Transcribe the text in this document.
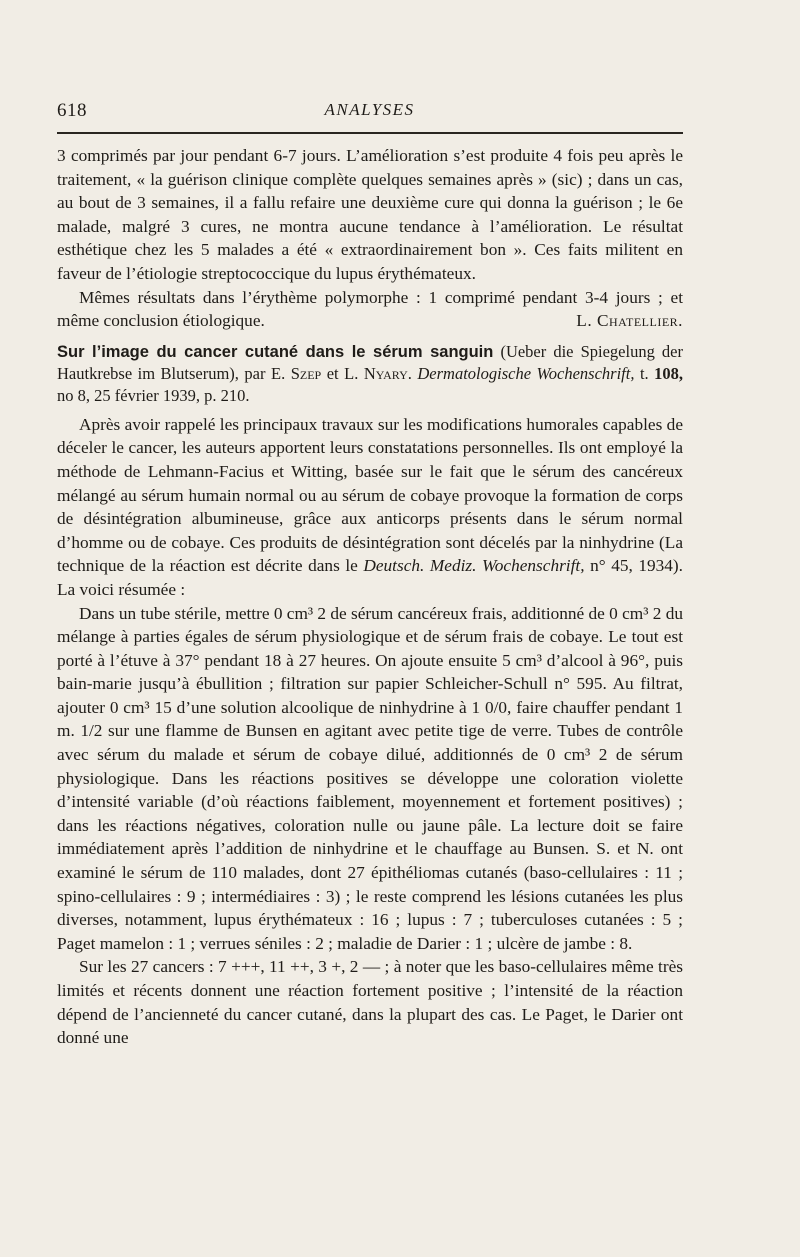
618	ANALYSES

3 comprimés par jour pendant 6-7 jours. L’amélioration s’est produite 4 fois peu après le traitement, « la guérison clinique complète quelques semaines après » (sic) ; dans un cas, au bout de 3 semaines, il a fallu refaire une deuxième cure qui donna la guérison ; le 6e malade, malgré 3 cures, ne montra aucune tendance à l’amélioration. Le résultat esthétique chez les 5 malades a été « extraordinairement bon ». Ces faits militent en faveur de l’étiologie streptococcique du lupus érythémateux.

Mêmes résultats dans l’érythème polymorphe : 1 comprimé pendant 3-4 jours ; et même conclusion étiologique.	L. Chatellier.

Sur l’image du cancer cutané dans le sérum sanguin (Ueber die Spiegelung der Hautkrebse im Blutserum), par E. Szep et L. Nyary. Dermatologische Wochenschrift, t. 108, no 8, 25 février 1939, p. 210.

Après avoir rappelé les principaux travaux sur les modifications humorales capables de déceler le cancer, les auteurs apportent leurs constatations personnelles. Ils ont employé la méthode de Lehmann-Facius et Witting, basée sur le fait que le sérum des cancéreux mélangé au sérum humain normal ou au sérum de cobaye provoque la formation de corps de désintégration albumineuse, grâce aux anticorps présents dans le sérum normal d’homme ou de cobaye. Ces produits de désintégration sont décelés par la ninhydrine (La technique de la réaction est décrite dans le Deutsch. Mediz. Wochenschrift, n° 45, 1934). La voici résumée :

Dans un tube stérile, mettre 0 cm³ 2 de sérum cancéreux frais, additionné de 0 cm³ 2 du mélange à parties égales de sérum physiologique et de sérum frais de cobaye. Le tout est porté à l’étuve à 37° pendant 18 à 27 heures. On ajoute ensuite 5 cm³ d’alcool à 96°, puis bain-marie jusqu’à ébullition ; filtration sur papier Schleicher-Schull n° 595. Au filtrat, ajouter 0 cm³ 15 d’une solution alcoolique de ninhydrine à 1 0/0, faire chauffer pendant 1 m. 1/2 sur une flamme de Bunsen en agitant avec petite tige de verre. Tubes de contrôle avec sérum du malade et sérum de cobaye dilué, additionnés de 0 cm³ 2 de sérum physiologique. Dans les réactions positives se développe une coloration violette d’intensité variable (d’où réactions faiblement, moyennement et fortement positives) ; dans les réactions négatives, coloration nulle ou jaune pâle. La lecture doit se faire immédiatement après l’addition de ninhydrine et le chauffage au Bunsen. S. et N. ont examiné le sérum de 110 malades, dont 27 épithéliomas cutanés (baso-cellulaires : 11 ; spino-cellulaires : 9 ; intermédiaires : 3) ; le reste comprend les lésions cutanées les plus diverses, notamment, lupus érythémateux : 16 ; lupus : 7 ; tuberculoses cutanées : 5 ; Paget mamelon : 1 ; verrues séniles : 2 ; maladie de Darier : 1 ; ulcère de jambe : 8.

Sur les 27 cancers : 7 +++, 11 ++, 3 +, 2 — ; à noter que les baso-cellulaires même très limités et récents donnent une réaction fortement positive ; l’intensité de la réaction dépend de l’ancienneté du cancer cutané, dans la plupart des cas. Le Paget, le Darier ont donné une
